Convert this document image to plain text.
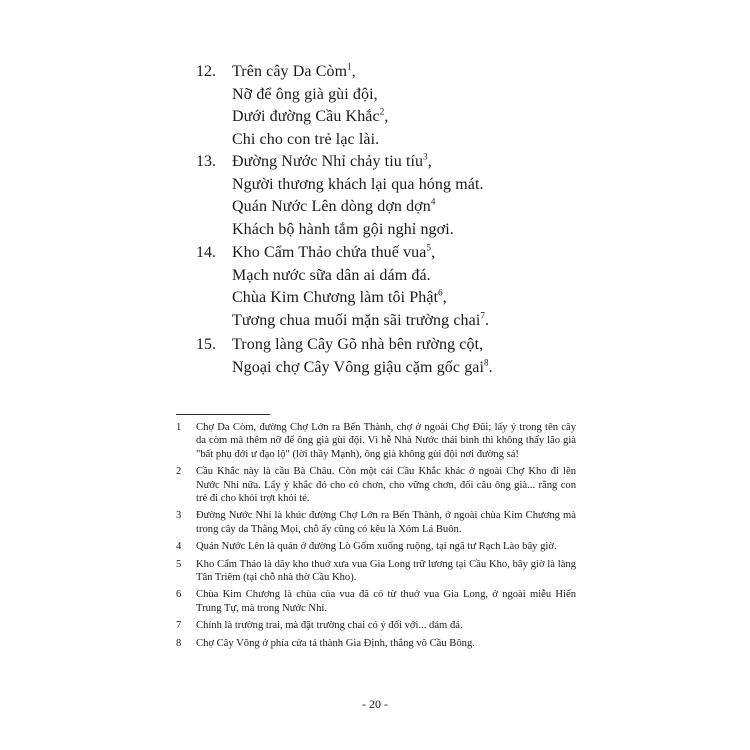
12. Trên cây Da Còm$^1$,
Nỡ để ông già gùi đội,
Dưới đường Cầu Khắc$^2$,
Chi cho con trẻ lạc lài.
13. Đường Nước Nhỉ chảy tiu tíu$^3$,
Người thương khách lại qua hóng mát.
Quán Nước Lên dòng dợn dợn$^4$
Khách bộ hành tắm gội nghỉ ngơi.
14. Kho Cẩm Thảo chứa thuế vua$^5$,
Mạch nước sữa dân ai dám đá.
Chùa Kim Chương làm tôi Phật$^6$,
Tương chua muối mặn sãi trường chai$^7$.
15. Trong làng Cây Gõ nhà bên rường cột,
Ngoại chợ Cây Vông giậu cặm gốc gai$^8$.
1	Chợ Da Còm, đường Chợ Lớn ra Bến Thành, chợ ở ngoài Chợ Đũi; lấy ý trong tên cây da còm mà thêm nỡ để ông già gùi đội. Vì hễ Nhà Nước thái bình thì không thấy lão già "bất phụ đới ư đạo lộ" (lời thầy Mạnh), ông già không gùi đội nơi đường sá!
2	Cầu Khắc này là cầu Bà Châu. Còn một cái Cầu Khắc khác ở ngoài Chợ Kho đi lên Nước Nhỉ nữa. Lấy ý khắc đó cho có chơn, cho vững chơn, đối câu ông già... rằng con trẻ đi cho khỏi trợt khỏi té.
3	Đường Nước Nhỉ là khúc đường Chợ Lớn ra Bến Thành, ở ngoài chùa Kim Chương mà trong cây da Thằng Mọi, chỗ ấy cũng có kêu là Xóm Lá Buôn.
4	Quán Nước Lên là quán ở đường Lò Gốm xuống ruộng, tại ngã tư Rạch Lào bây giờ.
5	Kho Cẩm Thảo là dãy kho thuở xưa vua Gia Long trữ lương tại Cầu Kho, bây giờ là làng Tân Triêm (tại chỗ nhà thờ Cầu Kho).
6	Chùa Kim Chương là chùa của vua đã có từ thuở vua Gia Long, ở ngoài miễu Hiển Trung Tự, mà trong Nước Nhỉ.
7	Chính là trường trai, mà đặt trường chai có ý đối với... dám đá.
8	Chợ Cây Vông ở phía cửa tả thành Gia Định, thẳng vô Cầu Bông.
- 20 -
